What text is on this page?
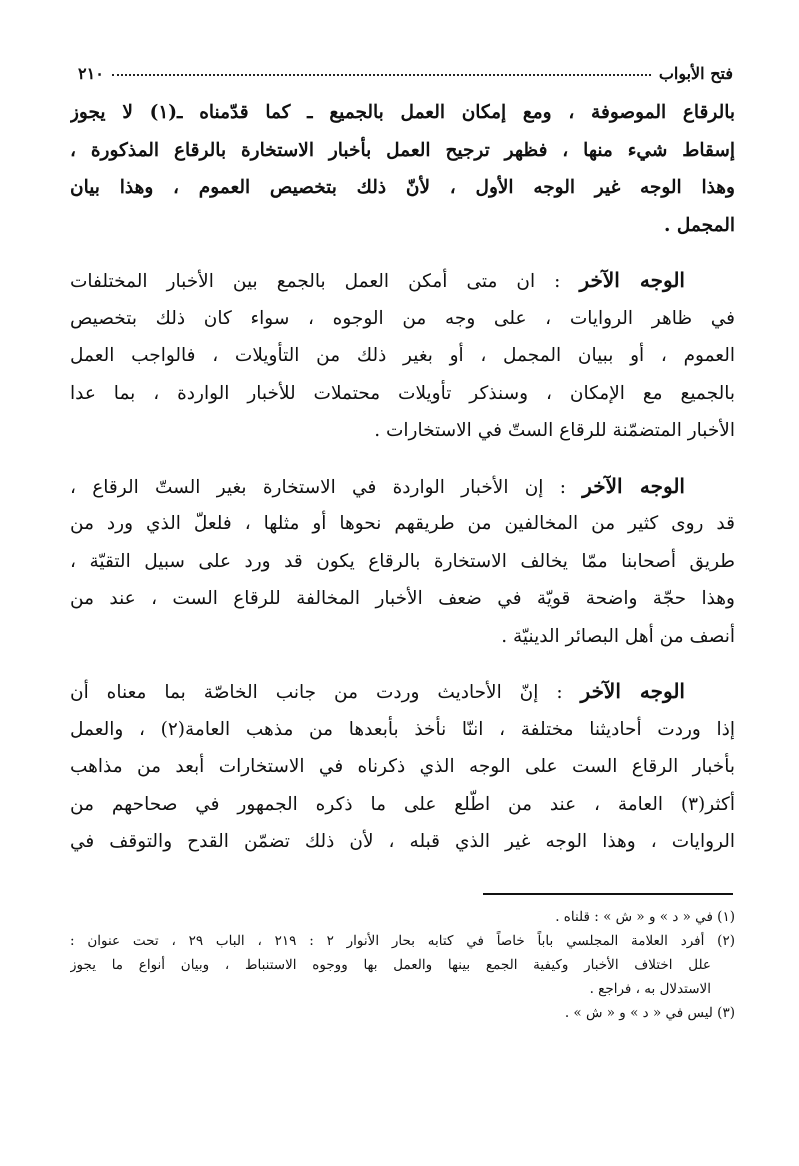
فتح الأبواب
٢١٠
بالرقاع الموصوفة ، ومع إمكان العمل بالجميع ـ كما قدّمناه ـ(١) لا يجوز
إسقاط شيء منها ، فظهر ترجيح العمل بأخبار الاستخارة بالرقاع المذكورة ،
وهذا الوجه غير الوجه الأول ، لأنّ ذلك بتخصيص العموم ، وهذا بيان
المجمل .
الوجه الآخر : ان متى أمكن العمل بالجمع بين الأخبار المختلفات
في ظاهر الروايات ، على وجه من الوجوه ، سواء كان ذلك بتخصيص
العموم ، أو ببيان المجمل ، أو بغير ذلك من التأويلات ، فالواجب العمل
بالجميع مع الإمكان ، وسنذكر تأويلات محتملات للأخبار الواردة ، بما عدا
الأخبار المتضمّنة للرقاع الستّ في الاستخارات .
الوجه الآخر : إن الأخبار الواردة في الاستخارة بغير الستّ الرقاع ،
قد روى كثير من المخالفين من طريقهم نحوها أو مثلها ، فلعلّ الذي ورد من
طريق أصحابنا ممّا يخالف الاستخارة بالرقاع يكون قد ورد على سبيل التقيّة ،
وهذا حجّة واضحة قويّة في ضعف الأخبار المخالفة للرقاع الست ، عند من
أنصف من أهل البصائر الدينيّة .
الوجه الآخر : إنّ الأحاديث وردت من جانب الخاصّة بما معناه أن
إذا وردت أحاديثنا مختلفة ، اننّا نأخذ بأبعدها من مذهب العامة(٢) ، والعمل
بأخبار الرقاع الست على الوجه الذي ذكرناه في الاستخارات أبعد من مذاهب
أكثر(٣) العامة ، عند من اطّلع على ما ذكره الجمهور في صحاحهم من
الروايات ، وهذا الوجه غير الذي قبله ، لأن ذلك تضمّن القدح والتوقف في
(١) في « د » و « ش » : قلناه .
(٢) أفرد العلامة المجلسي باباً خاصاً في كتابه بحار الأنوار ٢ : ٢١٩ ، الباب ٢٩ ، تحت عنوان :
علل اختلاف الأخبار وكيفية الجمع بينها والعمل بها ووجوه الاستنباط ، وبيان أنواع ما يجوز
الاستدلال به ، فراجع .
(٣) ليس في « د » و « ش » .
